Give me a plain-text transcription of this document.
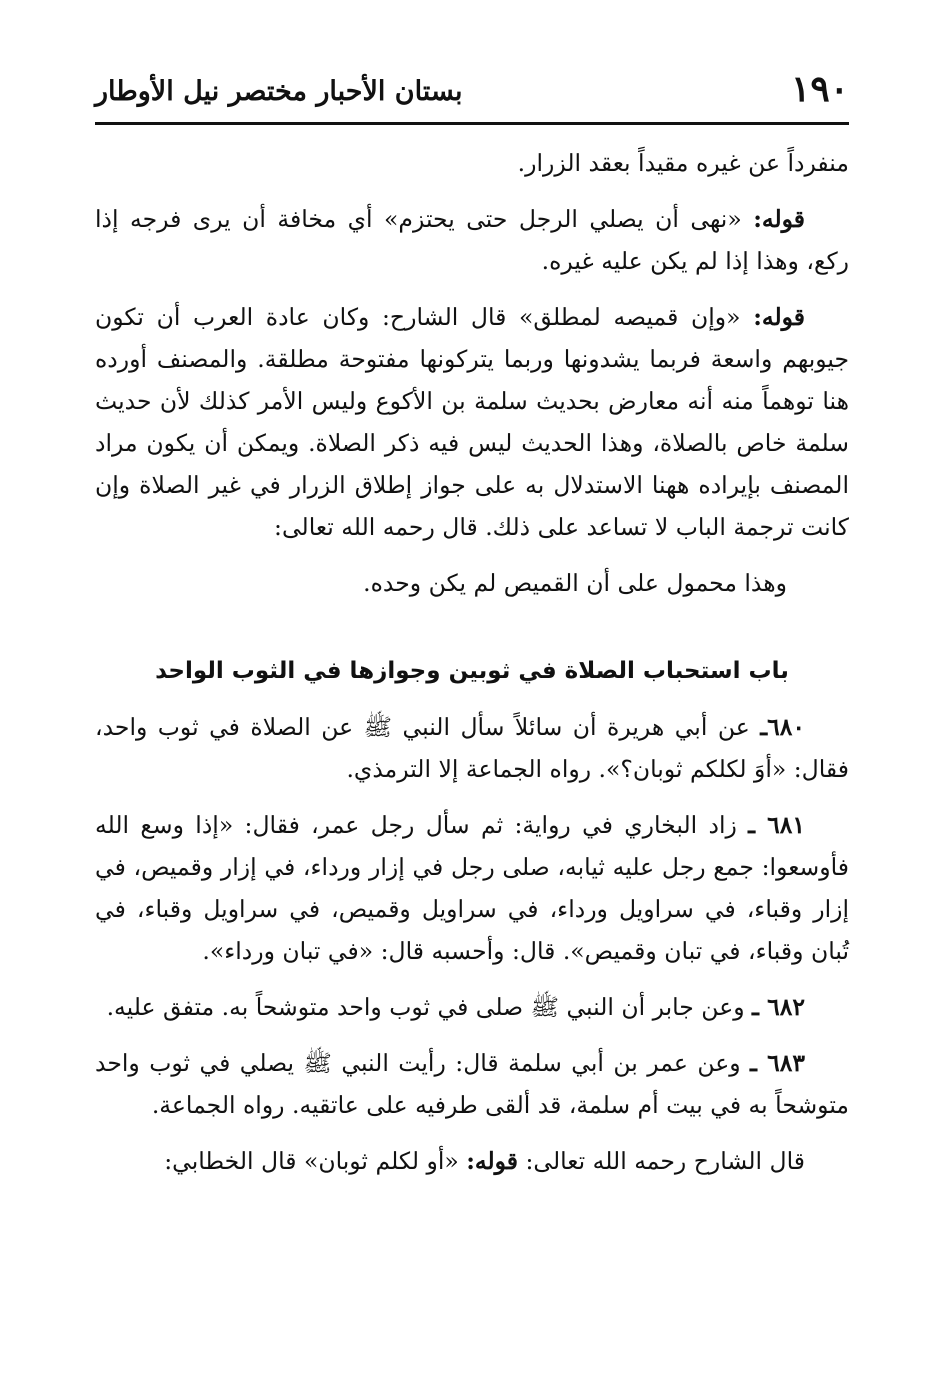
١٩٠
بستان الأحبار مختصر نيل الأوطار

منفرداً عن غيره مقيداً بعقد الزرار.

قوله: «نهى أن يصلي الرجل حتى يحتزم» أي مخافة أن يرى فرجه إذا ركع، وهذا إذا لم يكن عليه غيره.

قوله: «وإن قميصه لمطلق» قال الشارح: وكان عادة العرب أن تكون جيوبهم واسعة فربما يشدونها وربما يتركونها مفتوحة مطلقة. والمصنف أورده هنا توهماً منه أنه معارض بحديث سلمة بن الأكوع وليس الأمر كذلك لأن حديث سلمة خاص بالصلاة، وهذا الحديث ليس فيه ذكر الصلاة. ويمكن أن يكون مراد المصنف بإيراده ههنا الاستدلال به على جواز إطلاق الزرار في غير الصلاة وإن كانت ترجمة الباب لا تساعد على ذلك. قال رحمه الله تعالى:

وهذا محمول على أن القميص لم يكن وحده.

باب استحباب الصلاة في ثوبين وجوازها في الثوب الواحد

٦٨٠ـ عن أبي هريرة أن سائلاً سأل النبي ﷺ عن الصلاة في ثوب واحد، فقال: «أوَ لكلكم ثوبان؟». رواه الجماعة إلا الترمذي.

٦٨١ ـ زاد البخاري في رواية: ثم سأل رجل عمر، فقال: «إذا وسع الله فأوسعوا: جمع رجل عليه ثيابه، صلى رجل في إزار ورداء، في إزار وقميص، في إزار وقباء، في سراويل ورداء، في سراويل وقميص، في سراويل وقباء، في تُبان وقباء، في تبان وقميص». قال: وأحسبه قال: «في تبان ورداء».

٦٨٢ ـ وعن جابر أن النبي ﷺ صلى في ثوب واحد متوشحاً به. متفق عليه.

٦٨٣ ـ وعن عمر بن أبي سلمة قال: رأيت النبي ﷺ يصلي في ثوب واحد متوشحاً به في بيت أم سلمة، قد ألقى طرفيه على عاتقيه. رواه الجماعة.

قال الشارح رحمه الله تعالى: قوله: «أو لكلم ثوبان» قال الخطابي:
